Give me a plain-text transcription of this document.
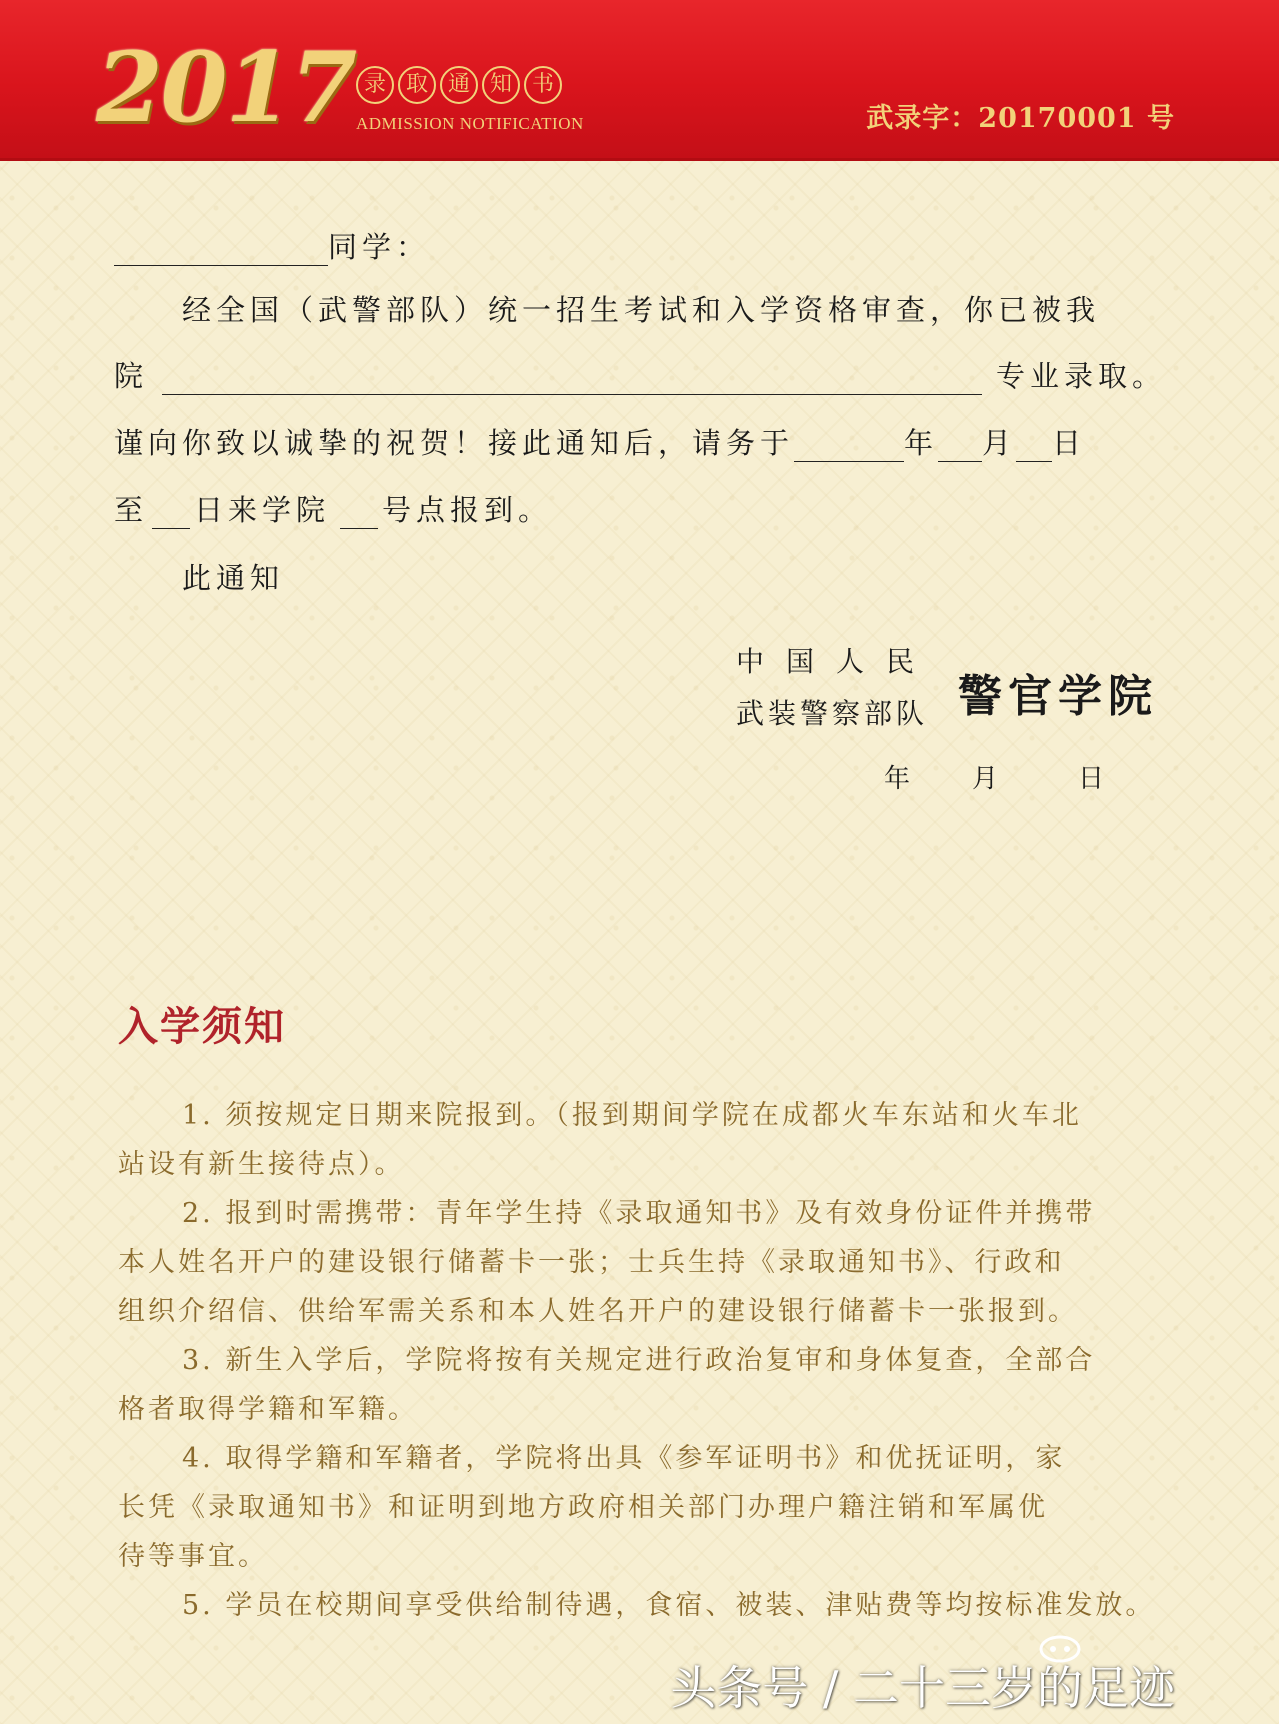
2017 录 取 通 知 书
ADMISSION NOTIFICATION	武录字：20170001 号
同学：
经全国（武警部队）统一招生考试和入学资格审查，你已被我
院	专业录取。
谨向你致以诚挚的祝贺！接此通知后，请务于	年 月 日
至 日来学院 号点报到。
此通知
中国人民
武装警察部队 警官学院
年 月	日
入学须知
1. 须按规定日期来院报到。（报到期间学院在成都火车东站和火车北
站设有新生接待点）。
2. 报到时需携带：青年学生持《录取通知书》及有效身份证件并携带
本人姓名开户的建设银行储蓄卡一张；士兵生持《录取通知书》、行政和
组织介绍信、供给军需关系和本人姓名开户的建设银行储蓄卡一张报到。
3. 新生入学后，学院将按有关规定进行政治复审和身体复查，全部合
格者取得学籍和军籍。
4. 取得学籍和军籍者，学院将出具《参军证明书》和优抚证明，家
长凭《录取通知书》和证明到地方政府相关部门办理户籍注销和军属优
待等事宜。
5. 学员在校期间享受供给制待遇，食宿、被装、津贴费等均按标准发放。
头条号 / 二十三岁的足迹
